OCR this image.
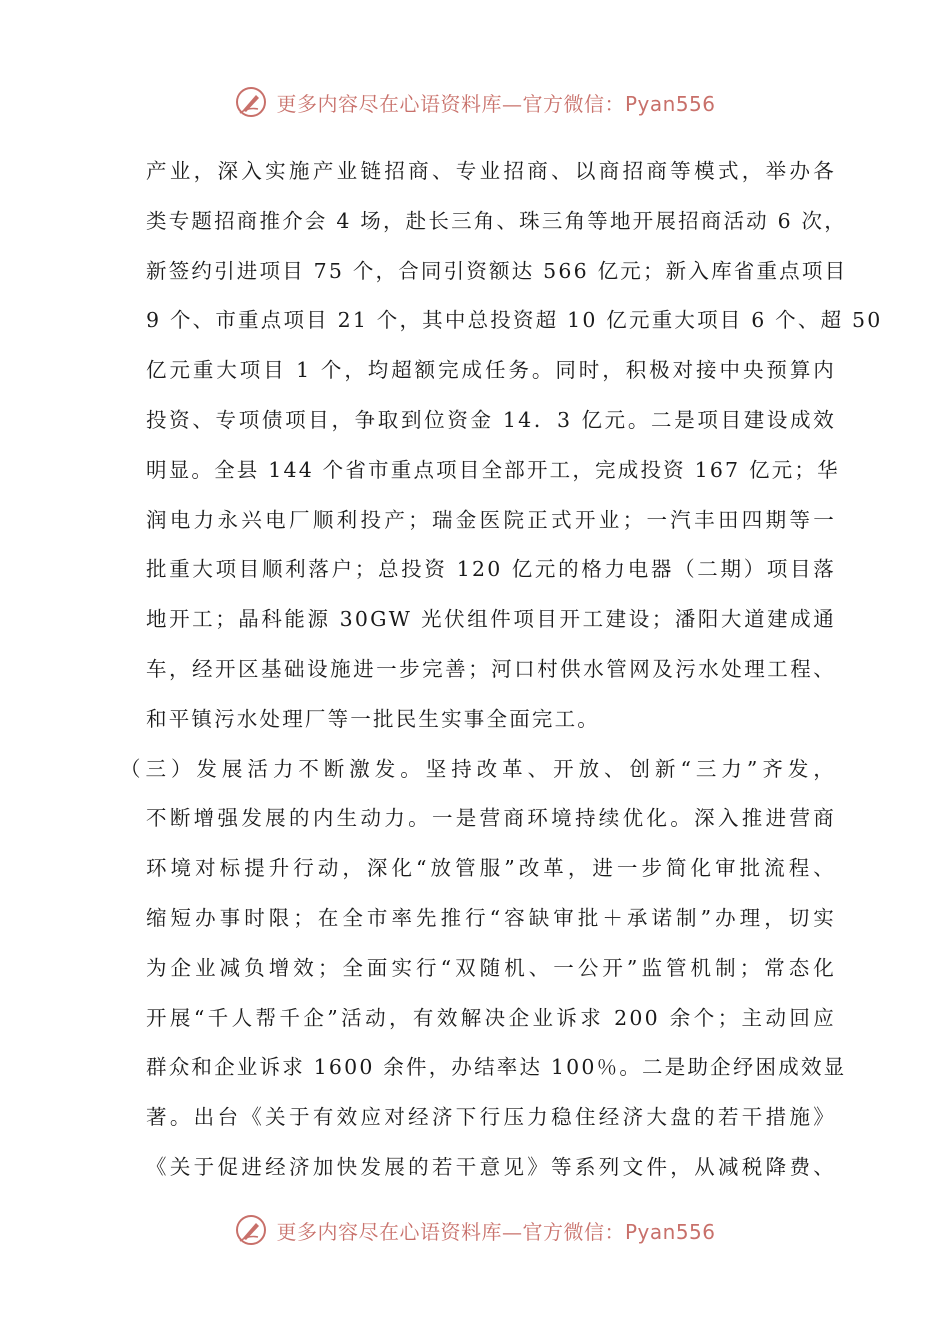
更多内容尽在心语资料库—官方微信：Pyan556
产业，深入实施产业链招商、专业招商、以商招商等模式，举办各
类专题招商推介会 4 场，赴长三角、珠三角等地开展招商活动 6 次，
新签约引进项目 75 个，合同引资额达 566 亿元；新入库省重点项目
9 个、市重点项目 21 个，其中总投资超 10 亿元重大项目 6 个、超 50
亿元重大项目 1 个，均超额完成任务。同时，积极对接中央预算内
投资、专项债项目，争取到位资金 14．3 亿元。二是项目建设成效
明显。全县 144 个省市重点项目全部开工，完成投资 167 亿元；华
润电力永兴电厂顺利投产；瑞金医院正式开业；一汽丰田四期等一
批重大项目顺利落户；总投资 120 亿元的格力电器（二期）项目落
地开工；晶科能源 30GW 光伏组件项目开工建设；潘阳大道建成通
车，经开区基础设施进一步完善；河口村供水管网及污水处理工程、
和平镇污水处理厂等一批民生实事全面完工。
（三）发展活力不断激发。坚持改革、开放、创新“三力”齐发，
不断增强发展的内生动力。一是营商环境持续优化。深入推进营商
环境对标提升行动，深化“放管服”改革，进一步简化审批流程、
缩短办事时限；在全市率先推行“容缺审批＋承诺制”办理，切实
为企业减负增效；全面实行“双随机、一公开”监管机制；常态化
开展“千人帮千企”活动，有效解决企业诉求 200 余个；主动回应
群众和企业诉求 1600 余件，办结率达 100％。二是助企纾困成效显
著。出台《关于有效应对经济下行压力稳住经济大盘的若干措施》
《关于促进经济加快发展的若干意见》等系列文件，从减税降费、
更多内容尽在心语资料库—官方微信：Pyan556
